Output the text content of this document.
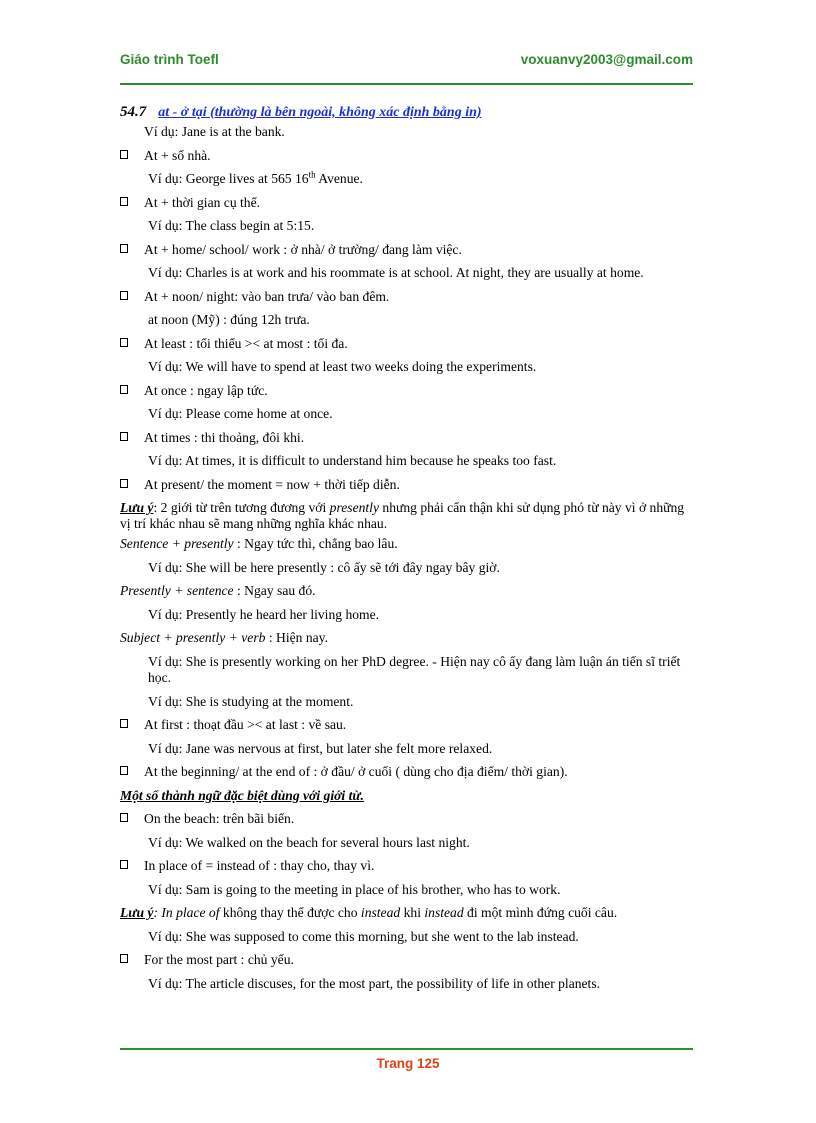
Giáo trình Toefl	voxuanvy2003@gmail.com
54.7 at - ở tại (thường là bên ngoài, không xác định bằng in)
Ví dụ: Jane is at the bank.
At + số nhà.
Ví dụ: George lives at 565 16th Avenue.
At + thời gian cụ thể.
Ví dụ: The class begin at 5:15.
At + home/ school/ work : ở nhà/ ở trường/ đang làm việc.
Ví dụ: Charles is at work and his roommate is at school. At night, they are usually at home.
At + noon/ night: vào ban trưa/ vào ban đêm.
at noon (Mỹ) : đúng 12h trưa.
At least : tối thiểu >< at most : tối đa.
Ví dụ: We will have to spend at least two weeks doing the experiments.
At once : ngay lập tức.
Ví dụ: Please come home at once.
At times : thi thoảng, đôi khi.
Ví dụ: At times, it is difficult to understand him because he speaks too fast.
At present/ the moment = now + thời tiếp diễn.
Lưu ý: 2 giới từ trên tương đương với presently nhưng phải cẩn thận khi sử dụng phó từ này vì ở những vị trí khác nhau sẽ mang những nghĩa khác nhau.
Sentence + presently : Ngay tức thì, chẳng bao lâu.
Ví dụ: She will be here presently : cô ấy sẽ tới đây ngay bây giờ.
Presently + sentence : Ngay sau đó.
Ví dụ: Presently he heard her living home.
Subject + presently + verb : Hiện nay.
Ví dụ: She is presently working on her PhD degree. - Hiện nay cô ấy đang làm luận án tiến sĩ triết học.
Ví dụ: She is studying at the moment.
At first : thoạt đầu >< at last : về sau.
Ví dụ: Jane was nervous at first, but later she felt more relaxed.
At the beginning/ at the end of : ở đầu/ ở cuối ( dùng cho địa điểm/ thời gian).
Một số thành ngữ đặc biệt dùng với giới từ.
On the beach: trên bãi biển.
Ví dụ: We walked on the beach for several hours last night.
In place of = instead of : thay cho, thay vì.
Ví dụ: Sam is going to the meeting in place of his brother, who has to work.
Lưu ý: In place of không thay thế được cho instead khi instead đi một mình đứng cuối câu.
Ví dụ: She was supposed to come this morning, but she went to the lab instead.
For the most part : chủ yếu.
Ví dụ: The article discuses, for the most part, the possibility of life in other planets.
Trang 125
